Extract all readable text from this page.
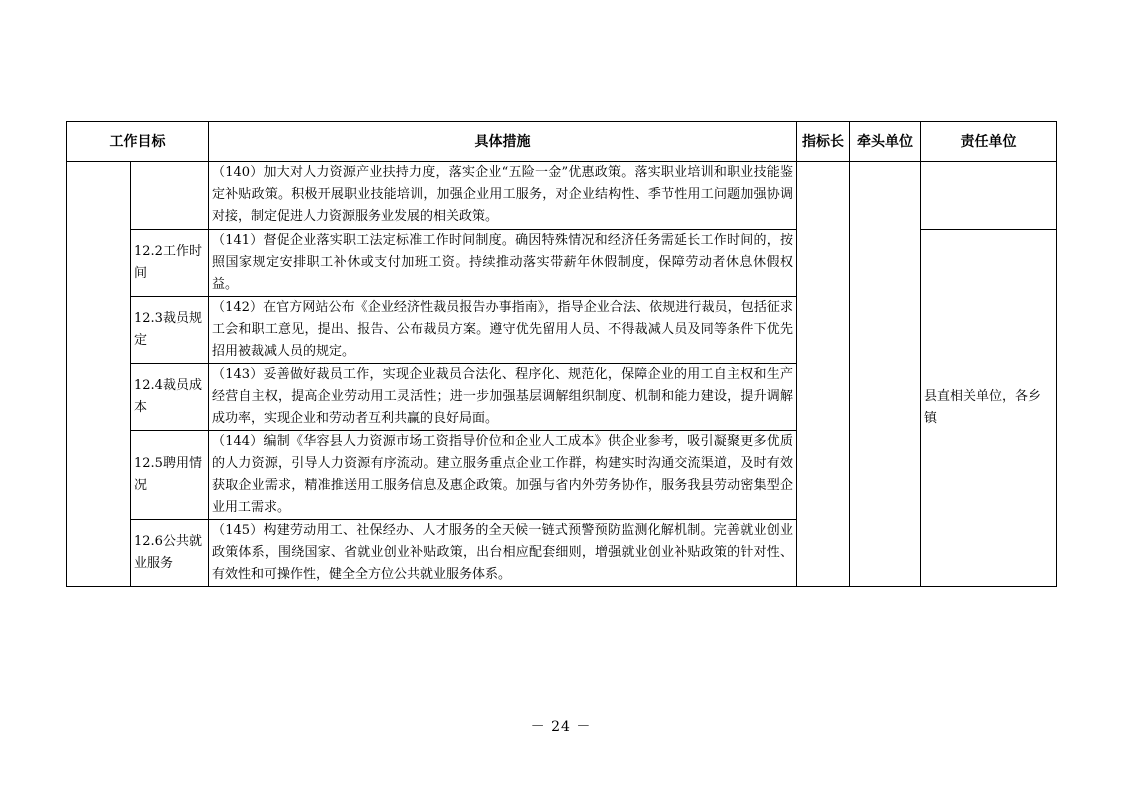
工作目标		具体措施	指标长	牵头单位	责任单位
		（140）加大对人力资源产业扶持力度，落实企业“五险一金”优惠政策。落实职业培训和职业技能鉴定补贴政策。积极开展职业技能培训，加强企业用工服务，对企业结构性、季节性用工问题加强协调对接，制定促进人力资源服务业发展的相关政策。			
	12.2工作时间	（141）督促企业落实职工法定标准工作时间制度。确因特殊情况和经济任务需延长工作时间的，按照国家规定安排职工补休或支付加班工资。持续推动落实带薪年休假制度，保障劳动者休息休假权益。			县直相关单位，各乡镇
	12.3裁员规定	（142）在官方网站公布《企业经济性裁员报告办事指南》，指导企业合法、依规进行裁员，包括征求工会和职工意见，提出、报告、公布裁员方案。遵守优先留用人员、不得裁减人员及同等条件下优先招用被裁减人员的规定。			
	12.4裁员成本	（143）妥善做好裁员工作，实现企业裁员合法化、程序化、规范化，保障企业的用工自主权和生产经营自主权，提高企业劳动用工灵活性；进一步加强基层调解组织制度、机制和能力建设，提升调解成功率，实现企业和劳动者互利共赢的良好局面。			
	12.5聘用情况	（144）编制《华容县人力资源市场工资指导价位和企业人工成本》供企业参考，吸引凝聚更多优质的人力资源，引导人力资源有序流动。建立服务重点企业工作群，构建实时沟通交流渠道，及时有效获取企业需求，精准推送用工服务信息及惠企政策。加强与省内外劳务协作，服务我县劳动密集型企业用工需求。			
	12.6公共就业服务	（145）构建劳动用工、社保经办、人才服务的全天候一链式预警预防监测化解机制。完善就业创业政策体系，围绕国家、省就业创业补贴政策，出台相应配套细则，增强就业创业补贴政策的针对性、有效性和可操作性，健全全方位公共就业服务体系。			
－ 24 －
